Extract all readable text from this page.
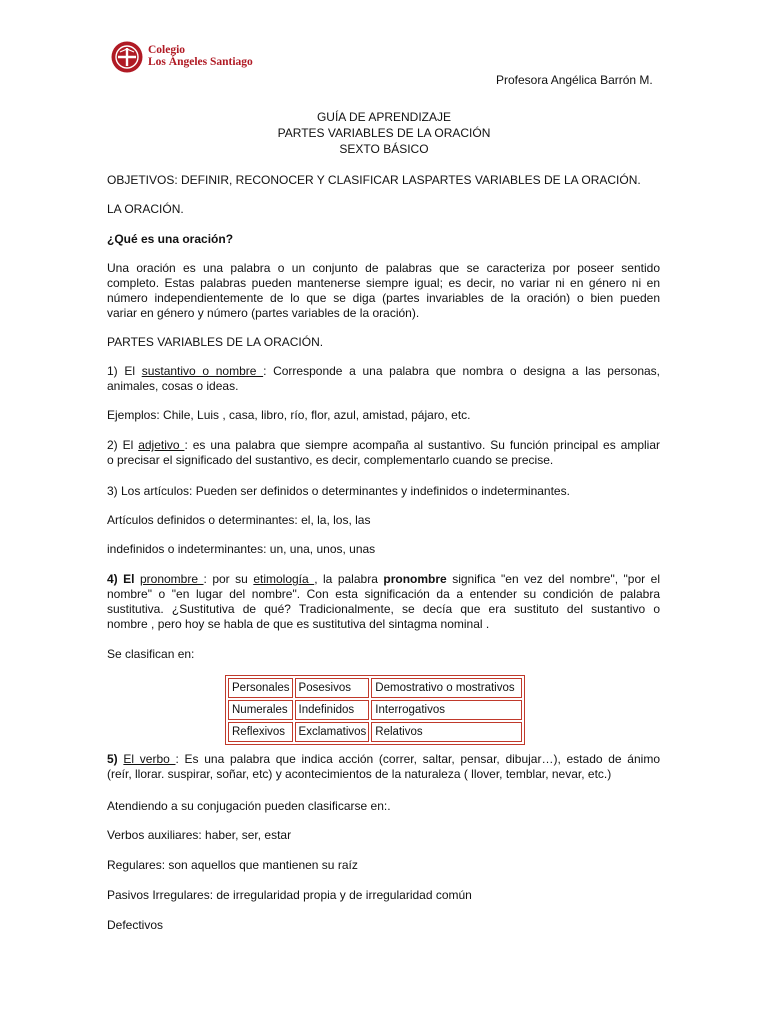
Colegio
Los Ángeles Santiago
Profesora Angélica Barrón M.
GUÍA DE APRENDIZAJE
PARTES VARIABLES DE LA ORACIÓN
SEXTO BÁSICO
OBJETIVOS: DEFINIR, RECONOCER Y CLASIFICAR LASPARTES VARIABLES DE LA ORACIÓN.
LA ORACIÓN.
¿Qué es una oración?
Una oración es una palabra o un conjunto de palabras que se caracteriza por poseer sentido
completo. Estas palabras pueden mantenerse siempre igual; es decir, no variar ni en género ni en
número independientemente de lo que se diga (partes invariables de la oración) o bien pueden
variar en género y número (partes variables de la oración).
PARTES VARIABLES DE LA ORACIÓN.
1) El sustantivo o nombre : Corresponde a una palabra que nombra o designa a las personas,
animales, cosas o ideas.
Ejemplos: Chile, Luis , casa, libro, río, flor, azul, amistad, pájaro, etc.
2) El adjetivo : es una palabra que siempre acompaña al sustantivo. Su función principal es ampliar
o precisar el significado del sustantivo, es decir, complementarlo cuando se precise.
3) Los artículos: Pueden ser definidos o determinantes y indefinidos o indeterminantes.
Artículos definidos o determinantes: el, la, los, las
indefinidos o indeterminantes: un, una, unos, unas
4) El pronombre : por su etimología , la palabra pronombre significa "en vez del nombre", "por el
nombre" o "en lugar del nombre". Con esta significación da a entender su condición de palabra
sustitutiva. ¿Sustitutiva de qué? Tradicionalmente, se decía que era sustituto del sustantivo o
nombre , pero hoy se habla de que es sustitutiva del sintagma nominal .
Se clasifican en:
Personales	Posesivos	Demostrativo o mostrativos
Numerales	Indefinidos	Interrogativos
Reflexivos	Exclamativos	Relativos
5) El verbo : Es una palabra que indica acción (correr, saltar, pensar, dibujar…), estado de ánimo
(reír, llorar. suspirar, soñar, etc) y acontecimientos de la naturaleza ( llover, temblar, nevar, etc.)
Atendiendo a su conjugación pueden clasificarse en:.
Verbos auxiliares: haber, ser, estar
Regulares: son aquellos que mantienen su raíz
Pasivos Irregulares: de irregularidad propia y de irregularidad común
Defectivos
